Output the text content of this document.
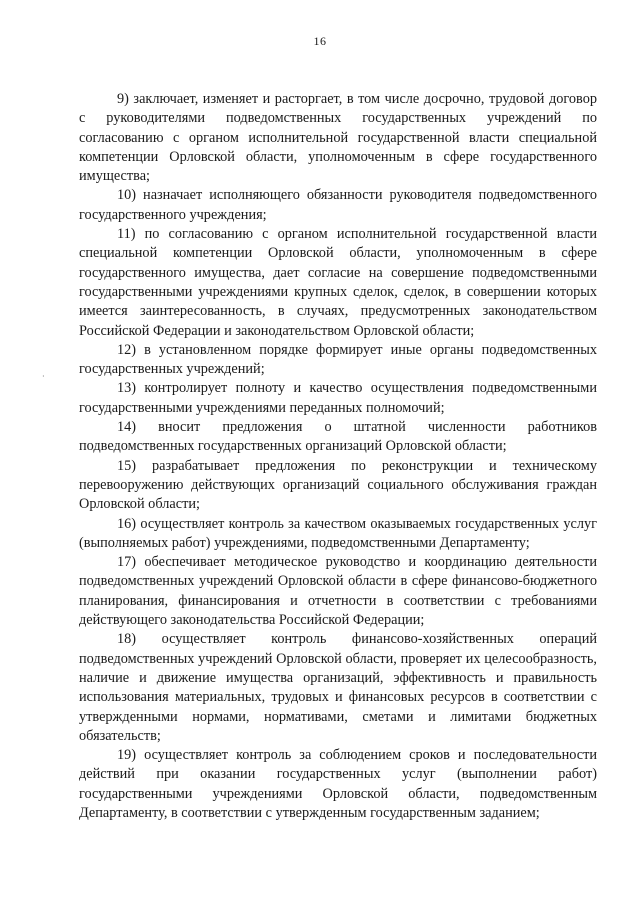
16
·

9) заключает, изменяет и расторгает, в том числе досрочно, трудовой договор с руководителями подведомственных государственных учреждений по согласованию с органом исполнительной государственной власти специальной компетенции Орловской области, уполномоченным в сфере государственного имущества;

10) назначает исполняющего обязанности руководителя подведомственного государственного учреждения;

11) по согласованию с органом исполнительной государственной власти специальной компетенции Орловской области, уполномоченным в сфере государственного имущества, дает согласие на совершение подведомственными государственными учреждениями крупных сделок, сделок, в совершении которых имеется заинтересованность, в случаях, предусмотренных законодательством Российской Федерации и законодательством Орловской области;

12) в установленном порядке формирует иные органы подведомственных государственных учреждений;

13) контролирует полноту и качество осуществления подведомственными государственными учреждениями переданных полномочий;

14) вносит предложения о штатной численности работников подведомственных государственных организаций Орловской области;

15) разрабатывает предложения по реконструкции и техническому перевооружению действующих организаций социального обслуживания граждан Орловской области;

16) осуществляет контроль за качеством оказываемых государственных услуг (выполняемых работ) учреждениями, подведомственными Департаменту;

17) обеспечивает методическое руководство и координацию деятельности подведомственных учреждений Орловской области в сфере финансово-бюджетного планирования, финансирования и отчетности в соответствии с требованиями действующего законодательства Российской Федерации;

18) осуществляет контроль финансово-хозяйственных операций подведомственных учреждений Орловской области, проверяет их целесообразность, наличие и движение имущества организаций, эффективность и правильность использования материальных, трудовых и финансовых ресурсов в соответствии с утвержденными нормами, нормативами, сметами и лимитами бюджетных обязательств;

19) осуществляет контроль за соблюдением сроков и последовательности действий при оказании государственных услуг (выполнении работ) государственными учреждениями Орловской области, подведомственным Департаменту, в соответствии с утвержденным государственным заданием;
